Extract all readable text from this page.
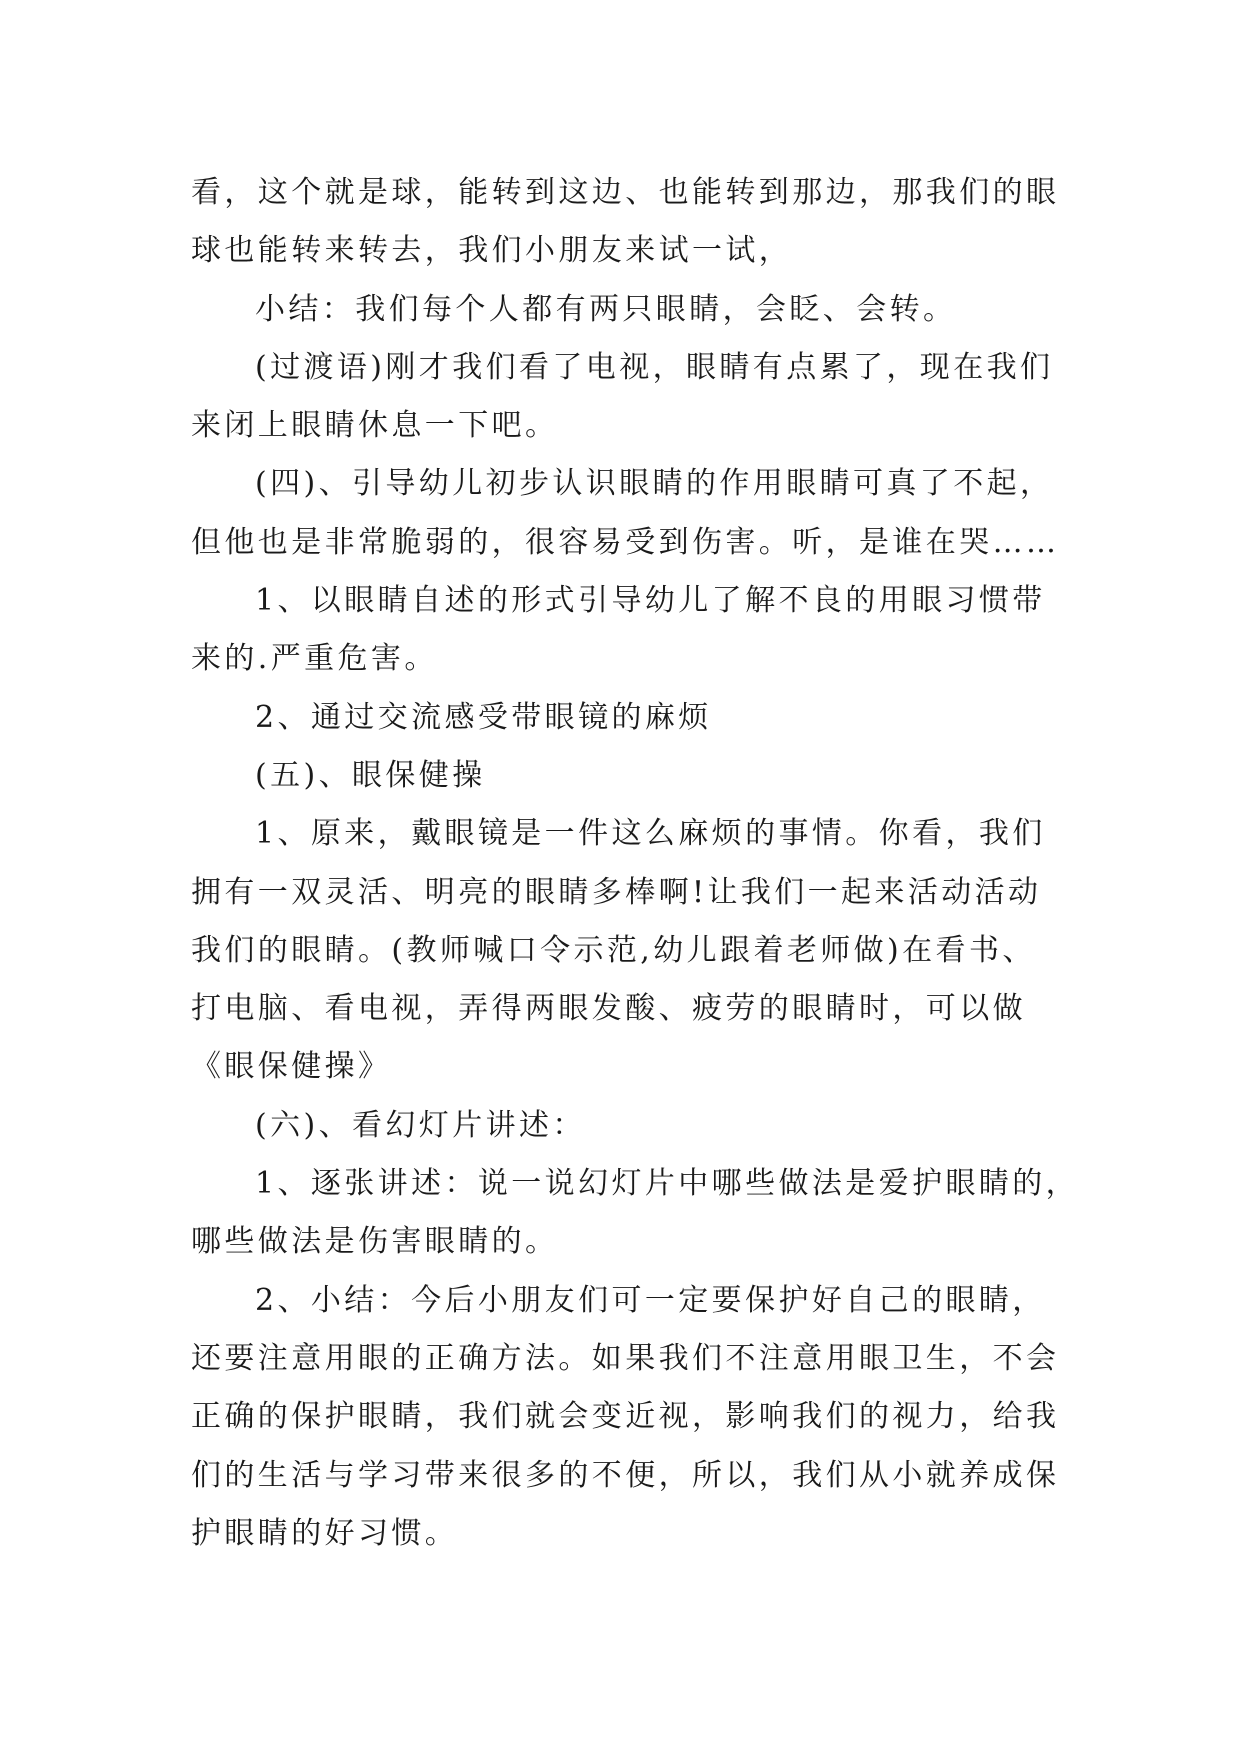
看，这个就是球，能转到这边、也能转到那边，那我们的眼
球也能转来转去，我们小朋友来试一试，
小结：我们每个人都有两只眼睛，会眨、会转。
(过渡语)刚才我们看了电视，眼睛有点累了，现在我们
来闭上眼睛休息一下吧。
(四)、引导幼儿初步认识眼睛的作用眼睛可真了不起，
但他也是非常脆弱的，很容易受到伤害。听，是谁在哭……
1、以眼睛自述的形式引导幼儿了解不良的用眼习惯带
来的.严重危害。
2、通过交流感受带眼镜的麻烦
(五)、眼保健操
1、原来，戴眼镜是一件这么麻烦的事情。你看，我们
拥有一双灵活、明亮的眼睛多棒啊!让我们一起来活动活动
我们的眼睛。(教师喊口令示范,幼儿跟着老师做)在看书、
打电脑、看电视，弄得两眼发酸、疲劳的眼睛时，可以做
《眼保健操》
(六)、看幻灯片讲述：
1、逐张讲述：说一说幻灯片中哪些做法是爱护眼睛的，
哪些做法是伤害眼睛的。
2、小结：今后小朋友们可一定要保护好自己的眼睛，
还要注意用眼的正确方法。如果我们不注意用眼卫生，不会
正确的保护眼睛，我们就会变近视，影响我们的视力，给我
们的生活与学习带来很多的不便，所以，我们从小就养成保
护眼睛的好习惯。
